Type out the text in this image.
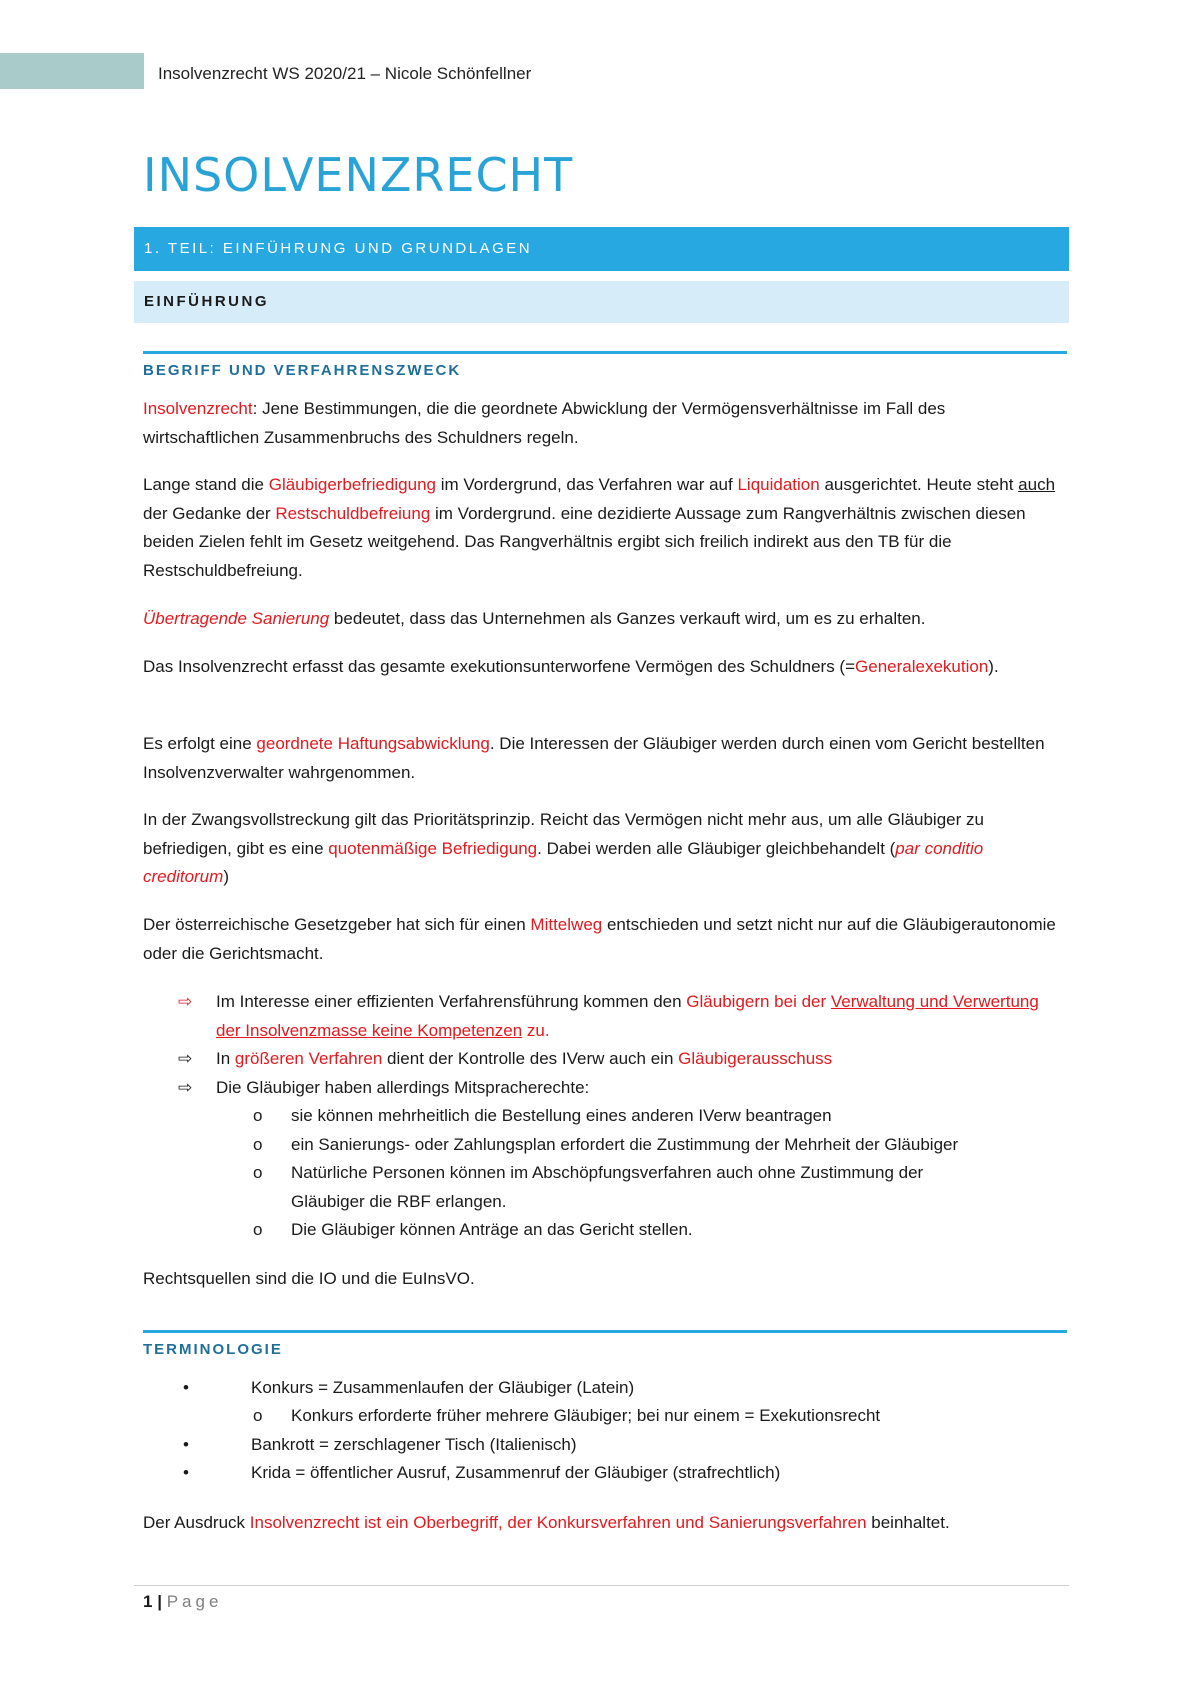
Insolvenzrecht WS 2020/21 – Nicole Schönfellner
INSOLVENZRECHT
1. TEIL: EINFÜHRUNG UND GRUNDLAGEN
EINFÜHRUNG
BEGRIFF UND VERFAHRENSZWECK

Insolvenzrecht: Jene Bestimmungen, die die geordnete Abwicklung der Vermögensverhältnisse im Fall des wirtschaftlichen Zusammenbruchs des Schuldners regeln.

Lange stand die Gläubigerbefriedigung im Vordergrund, das Verfahren war auf Liquidation ausgerichtet. Heute steht auch der Gedanke der Restschuldbefreiung im Vordergrund. eine dezidierte Aussage zum Rangverhältnis zwischen diesen beiden Zielen fehlt im Gesetz weitgehend. Das Rangverhältnis ergibt sich freilich indirekt aus den TB für die Restschuldbefreiung.

Übertragende Sanierung bedeutet, dass das Unternehmen als Ganzes verkauft wird, um es zu erhalten.

Das Insolvenzrecht erfasst das gesamte exekutionsunterworfene Vermögen des Schuldners (=Generalexekution).

Es erfolgt eine geordnete Haftungsabwicklung. Die Interessen der Gläubiger werden durch einen vom Gericht bestellten Insolvenzverwalter wahrgenommen.

In der Zwangsvollstreckung gilt das Prioritätsprinzip. Reicht das Vermögen nicht mehr aus, um alle Gläubiger zu befriedigen, gibt es eine quotenmäßige Befriedigung. Dabei werden alle Gläubiger gleichbehandelt (par conditio creditorum)

Der österreichische Gesetzgeber hat sich für einen Mittelweg entschieden und setzt nicht nur auf die Gläubigerautonomie oder die Gerichtsmacht.

⇨ Im Interesse einer effizienten Verfahrensführung kommen den Gläubigern bei der Verwaltung und Verwertung der Insolvenzmasse keine Kompetenzen zu.
⇨ In größeren Verfahren dient der Kontrolle des IVerw auch ein Gläubigerausschuss
⇨ Die Gläubiger haben allerdings Mitspracherechte:
o sie können mehrheitlich die Bestellung eines anderen IVerw beantragen
o ein Sanierungs- oder Zahlungsplan erfordert die Zustimmung der Mehrheit der Gläubiger
o Natürliche Personen können im Abschöpfungsverfahren auch ohne Zustimmung der Gläubiger die RBF erlangen.
o Die Gläubiger können Anträge an das Gericht stellen.

Rechtsquellen sind die IO und die EuInsVO.

TERMINOLOGIE
•	Konkurs = Zusammenlaufen der Gläubiger (Latein)
o Konkurs erforderte früher mehrere Gläubiger; bei nur einem = Exekutionsrecht
•	Bankrott = zerschlagener Tisch (Italienisch)
•	Krida = öffentlicher Ausruf, Zusammenruf der Gläubiger (strafrechtlich)

Der Ausdruck Insolvenzrecht ist ein Oberbegriff, der Konkursverfahren und Sanierungsverfahren beinhaltet.

1 | Page
